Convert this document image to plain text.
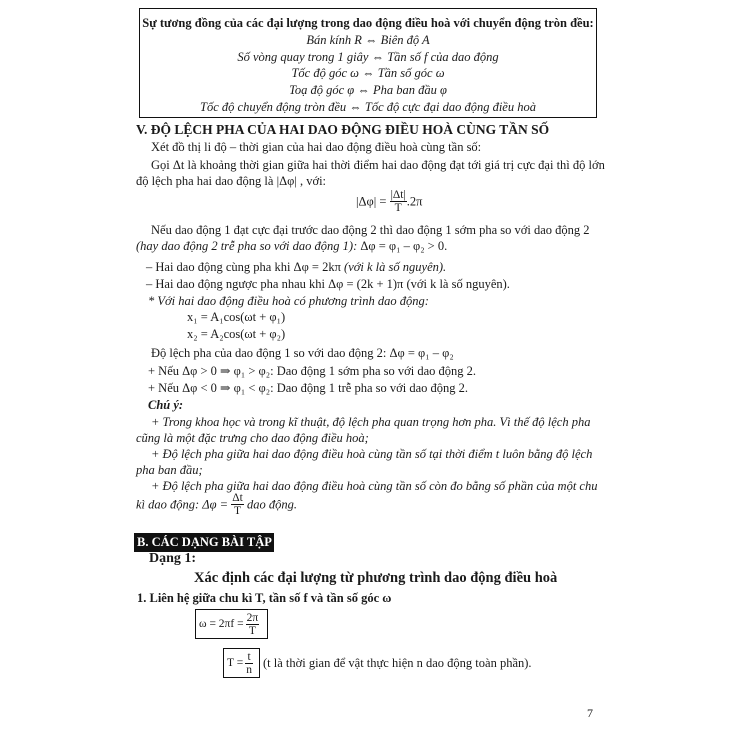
Sự tương đồng của các đại lượng trong dao động điều hoà với chuyển động tròn đều:
Bán kính R ⇔ Biên độ A
Số vòng quay trong 1 giây ⇔ Tần số f của dao động
Tốc độ góc ω ⇔ Tần số góc ω
Toạ độ góc φ ⇔ Pha ban đầu φ
Tốc độ chuyển động tròn đều ⇔ Tốc độ cực đại dao động điều hoà
V. ĐỘ LỆCH PHA CỦA HAI DAO ĐỘNG ĐIỀU HOÀ CÙNG TẦN SỐ
Xét đồ thị li độ – thời gian của hai dao động điều hoà cùng tần số:
Gọi Δt là khoảng thời gian giữa hai thời điểm hai dao động đạt tới giá trị cực đại thì độ lớn
độ lệch pha hai dao động là |Δφ| , với:
$|\Delta\varphi| = \frac{|\Delta t|}{T} .2\pi$
Nếu dao động 1 đạt cực đại trước dao động 2 thì dao động 1 sớm pha so với dao động 2
(hay dao động 2 trễ pha so với dao động 1): Δφ = φ₁ – φ₂ > 0.
– Hai dao động cùng pha khi Δφ = 2kπ (với k là số nguyên).
– Hai dao động ngược pha nhau khi Δφ = (2k + 1)π (với k là số nguyên).
* Với hai dao động điều hoà có phương trình dao động:
x₁ = A₁cos(ωt + φ₁)
x₂ = A₂cos(ωt + φ₂)
Độ lệch pha của dao động 1 so với dao động 2: Δφ = φ₁ – φ₂
+ Nếu Δφ > 0 ⇒ φ₁ > φ₂: Dao động 1 sớm pha so với dao động 2.
+ Nếu Δφ < 0 ⇒ φ₁ < φ₂: Dao động 1 trễ pha so với dao động 2.
Chú ý:
+ Trong khoa học và trong kĩ thuật, độ lệch pha quan trọng hơn pha. Vì thế độ lệch pha
cũng là một đặc trưng cho dao động điều hoà;
+ Độ lệch pha giữa hai dao động điều hoà cùng tần số tại thời điểm t luôn bằng độ lệch
pha ban đầu;
+ Độ lệch pha giữa hai dao động điều hoà cùng tần số còn đo bằng số phần của một chu
kì dao động: $\Delta\varphi = \frac{\Delta t}{T}$ dao động.
B. CÁC DẠNG BÀI TẬP
Dạng 1:
Xác định các đại lượng từ phương trình dao động điều hoà
1. Liên hệ giữa chu kì T, tần số f và tần số góc ω
$\omega = 2\pi f = \frac{2\pi}{T}$
$T = \frac{t}{n} (t$ là thời gian để vật thực hiện n dao động toàn phần).
7
